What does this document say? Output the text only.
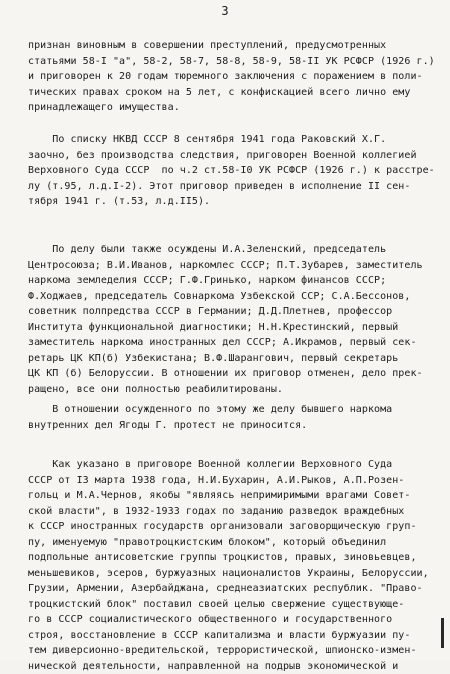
3
признан виновным в совершении преступлений, предусмотренных
статьями 58-I "а", 58-2, 58-7, 58-8, 58-9, 58-II УК РСФСР (1926 г.)
и приговорен к 20 годам тюремного заключения с поражением в поли-
тических правах сроком на 5 лет, с конфискацией всего лично ему
принадлежащего имущества.
По списку НКВД СССР 8 сентября 1941 года Раковский Х.Г.
заочно, без производства следствия, приговорен Военной коллегией
Верховного Суда СССР  по ч.2 ст.58-I0 УК РСФСР (1926 г.) к расстре-
лу (т.95, л.д.I-2). Этот приговор приведен в исполнение II сен-
тября 1941 г. (т.53, л.д.II5).
По делу были также осуждены И.А.Зеленский, председатель
Центросоюза; В.И.Иванов, наркомлес СССР; П.Т.Зубарев, заместитель
наркома земледелия СССР; Г.Ф.Гринько, нарком финансов СССР;
Ф.Ходжаев, председатель Совнаркома Узбекской ССР; С.А.Бессонов,
советник полпредства СССР в Германии; Д.Д.Плетнев, профессор
Института функциональной диагностики; Н.Н.Крестинский, первый
заместитель наркома иностранных дел СССР; А.Икрамов, первый сек-
ретарь ЦК КП(б) Узбекистана; В.Ф.Шарангович, первый секретарь
ЦК КП (б) Белоруссии. В отношении их приговор отменен, дело прек-
ращено, все они полностью реабилитированы.
В отношении осужденного по этому же делу бывшего наркома
внутренних дел Ягоды Г. протест не приносится.
Как указано в приговоре Военной коллегии Верховного Суда
СССР от I3 марта 1938 года, Н.И.Бухарин, А.И.Рыков, А.П.Розен-
гольц и М.А.Чернов, якобы "являясь непримиримыми врагами Совет-
ской власти", в 1932-1933 годах по заданию разведок враждебных
к СССР иностранных государств организовали заговорщическую груп-
пу, именуемую "правотроцкистским блоком", который объединил
подпольные антисоветские группы троцкистов, правых, зиновьевцев,
меньшевиков, эсеров, буржуазных националистов Украины, Белоруссии,
Грузии, Армении, Азербайджана, среднеазиатских республик. "Право-
троцкистский блок" поставил своей целью свержение существующе-
го в СССР социалистического общественного и государственного
строя, восстановление в СССР капитализма и власти буржуазии пу-
тем диверсионно-вредительской, террористической, шпионско-измен-
нической деятельности, направленной на подрыв экономической и
